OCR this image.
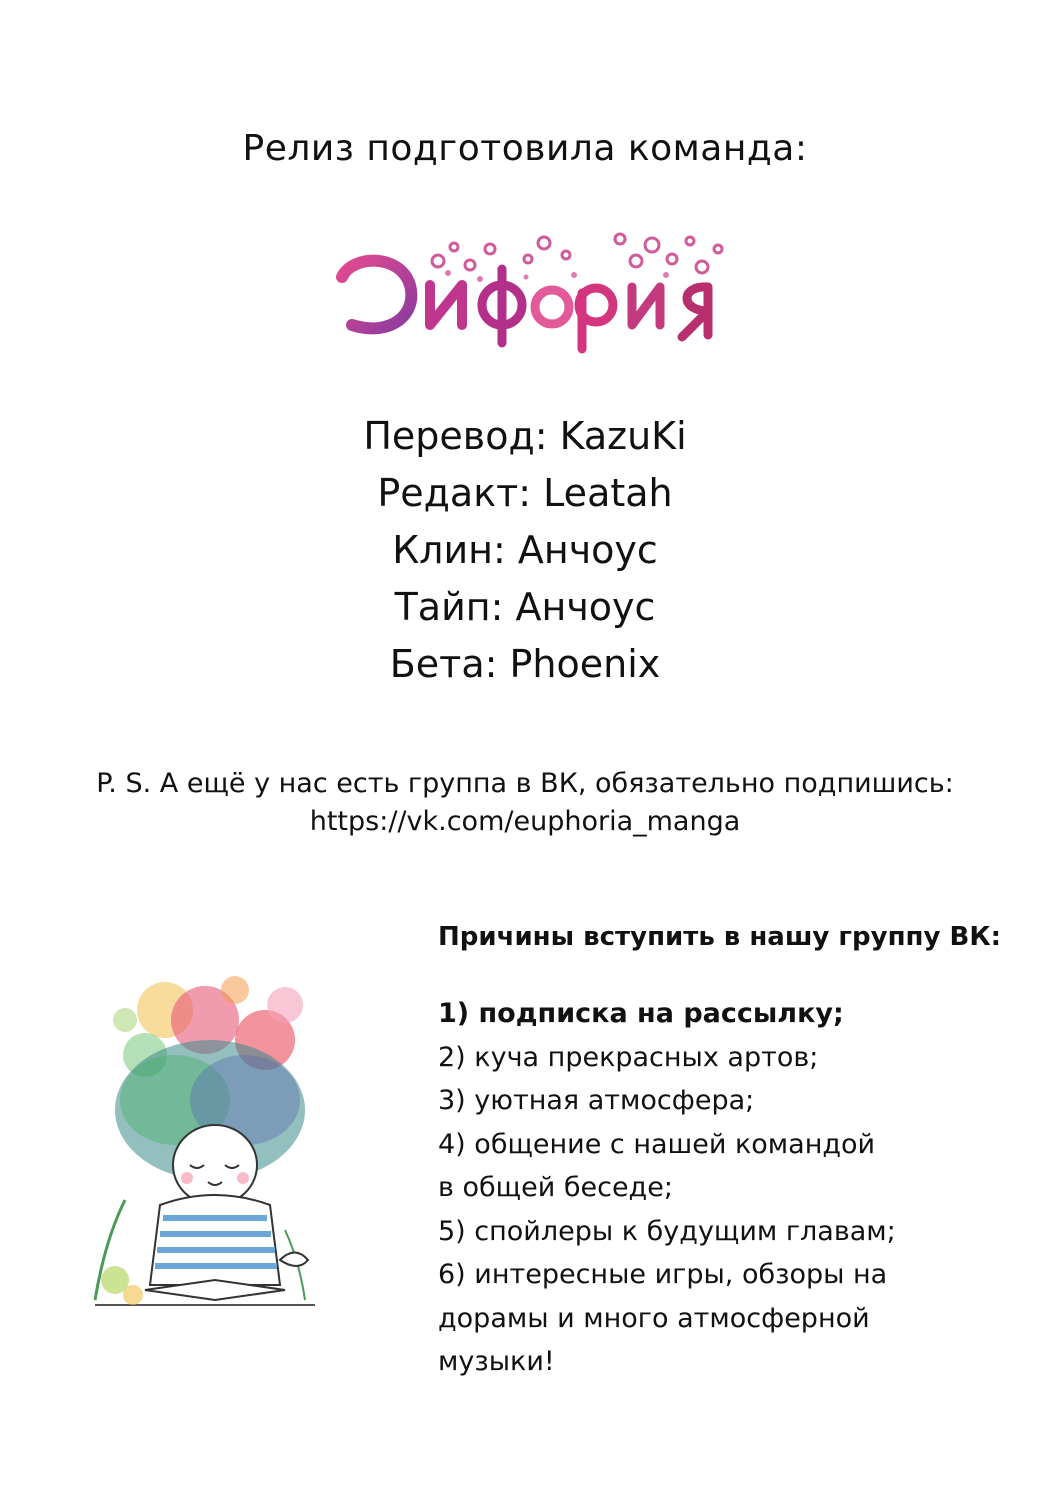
Релиз подготовила команда:
Перевод: KazuKi
Редакт: Leatah
Клин: Анчоус
Тайп: Анчоус
Бета: Phoenix
P. S. А ещё у нас есть группа в ВК, обязательно подпишись:
https://vk.com/euphoria_manga
Причины вступить в нашу группу ВК:
1) подписка на рассылку;
2) куча прекрасных артов;
3) уютная атмосфера;
4) общение с нашей командой
в общей беседе;
5) спойлеры к будущим главам;
6) интересные игры, обзоры на
дорамы и много атмосферной
музыки!
